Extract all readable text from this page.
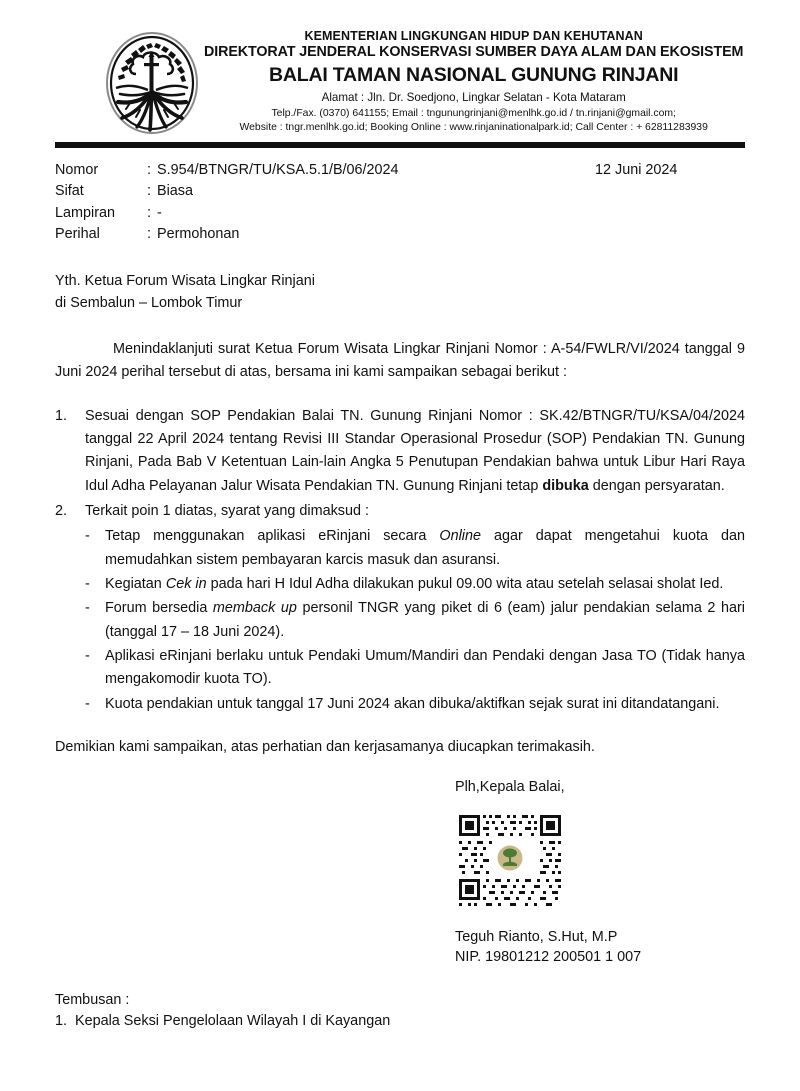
KEMENTERIAN LINGKUNGAN HIDUP DAN KEHUTANAN
DIREKTORAT JENDERAL KONSERVASI SUMBER DAYA ALAM DAN EKOSISTEM
BALAI TAMAN NASIONAL GUNUNG RINJANI
Alamat : Jln. Dr. Soedjono, Lingkar Selatan - Kota Mataram
Telp./Fax. (0370) 641155; Email : tngunungrinjani@menlhk.go.id / tn.rinjani@gmail.com;
Website : tngr.menlhk.go.id; Booking Online : www.rinjaninationalpark.id; Call Center : + 62811283939
Nomor	: S.954/BTNGR/TU/KSA.5.1/B/06/2024
Sifat	: Biasa
Lampiran	: -
Perihal	: Permohonan
12 Juni 2024
Yth. Ketua Forum Wisata Lingkar Rinjani
di Sembalun – Lombok Timur
Menindaklanjuti surat Ketua Forum Wisata Lingkar Rinjani Nomor : A-54/FWLR/VI/2024 tanggal 9 Juni 2024 perihal tersebut di atas, bersama ini kami sampaikan sebagai berikut :
1.	Sesuai dengan SOP Pendakian Balai TN. Gunung Rinjani Nomor : SK.42/BTNGR/TU/KSA/04/2024 tanggal 22 April 2024 tentang Revisi III Standar Operasional Prosedur (SOP) Pendakian TN. Gunung Rinjani, Pada Bab V Ketentuan Lain-lain Angka 5 Penutupan Pendakian bahwa untuk Libur Hari Raya Idul Adha Pelayanan Jalur Wisata Pendakian TN. Gunung Rinjani tetap dibuka dengan persyaratan.
2.	Terkait poin 1 diatas, syarat yang dimaksud :
-	Tetap menggunakan aplikasi eRinjani secara Online agar dapat mengetahui kuota dan memudahkan sistem pembayaran karcis masuk dan asuransi.
-	Kegiatan Cek in pada hari H Idul Adha dilakukan pukul 09.00 wita atau setelah selasai sholat Ied.
-	Forum bersedia memback up personil TNGR yang piket di 6 (eam) jalur pendakian selama 2 hari (tanggal 17 – 18 Juni 2024).
-	Aplikasi eRinjani berlaku untuk Pendaki Umum/Mandiri dan Pendaki dengan Jasa TO (Tidak hanya mengakomodir kuota TO).
-	Kuota pendakian untuk tanggal 17 Juni 2024 akan dibuka/aktifkan sejak surat ini ditandatangani.
Demikian kami sampaikan, atas perhatian dan kerjasamanya diucapkan terimakasih.
Plh,Kepala Balai,
Teguh Rianto, S.Hut, M.P
NIP. 19801212 200501 1 007
Tembusan :
1. Kepala Seksi Pengelolaan Wilayah I di Kayangan
